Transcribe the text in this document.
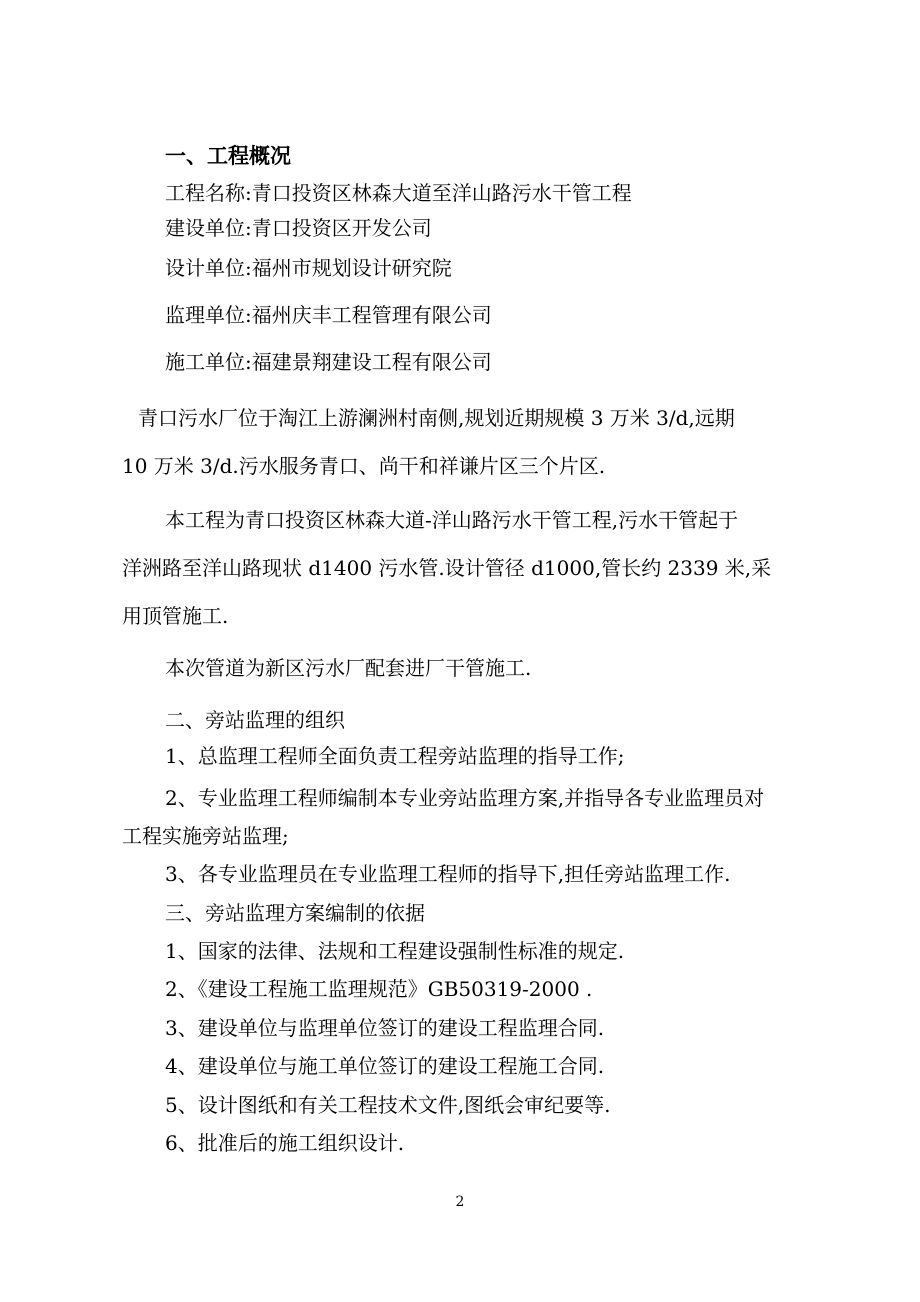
一、工程概况
工程名称:青口投资区林森大道至洋山路污水干管工程
建设单位:青口投资区开发公司
设计单位:福州市规划设计研究院
监理单位:福州庆丰工程管理有限公司
施工单位:福建景翔建设工程有限公司
青口污水厂位于淘江上游澜洲村南侧,规划近期规模 3 万米 3/d,远期
10 万米 3/d.污水服务青口、尚干和祥谦片区三个片区.
本工程为青口投资区林森大道-洋山路污水干管工程,污水干管起于
洋洲路至洋山路现状 d1400 污水管.设计管径 d1000,管长约 2339 米,采
用顶管施工.
本次管道为新区污水厂配套进厂干管施工.
二、旁站监理的组织
1、总监理工程师全面负责工程旁站监理的指导工作;
2、专业监理工程师编制本专业旁站监理方案,并指导各专业监理员对
工程实施旁站监理;
3、各专业监理员在专业监理工程师的指导下,担任旁站监理工作.
三、旁站监理方案编制的依据
1、国家的法律、法规和工程建设强制性标准的规定.
2、《建设工程施工监理规范》GB50319-2000 .
3、建设单位与监理单位签订的建设工程监理合同.
4、建设单位与施工单位签订的建设工程施工合同.
5、设计图纸和有关工程技术文件,图纸会审纪要等.
6、批准后的施工组织设计.
2
